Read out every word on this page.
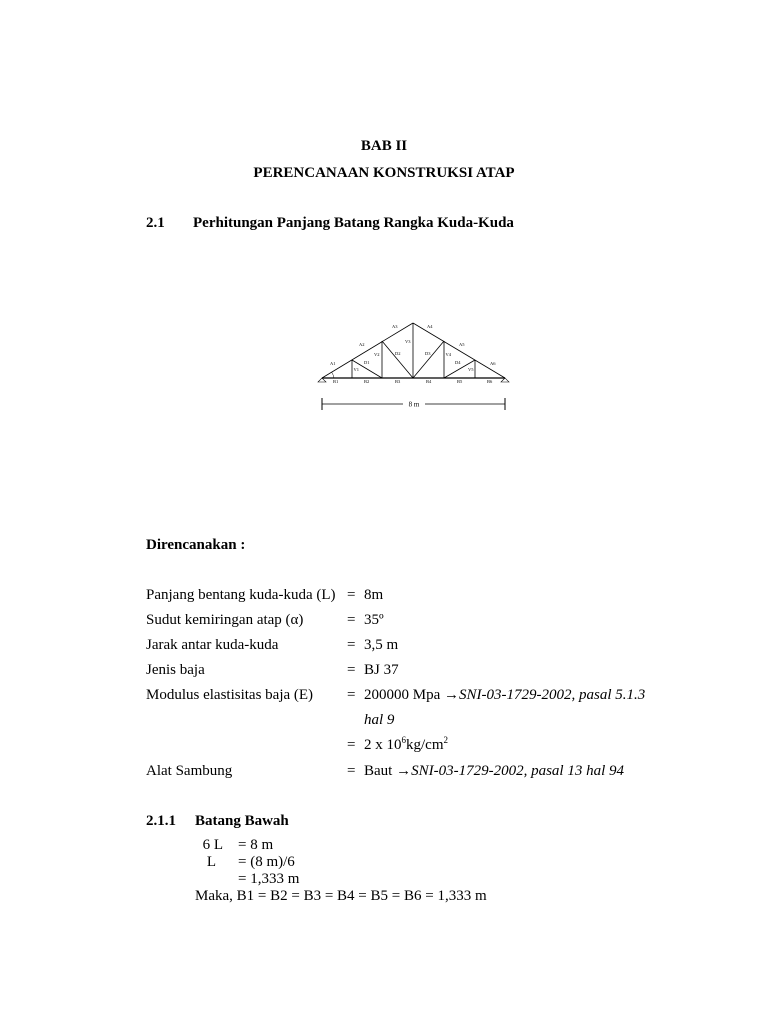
BAB II
PERENCANAAN KONSTRUKSI ATAP
2.1 Perhitungan Panjang Batang Rangka Kuda-Kuda
A1
A2
A3	A4
A5
A6
B1	B2	B3	B4	B5	B6
V1
V2
V3
V4
V5
D1
D2	D3
D4
8 m
Direncanakan :
Panjang bentang kuda-kuda (L) = 8m
Sudut kemiringan atap (α)	= 35º
Jarak antar kuda-kuda	= 3,5 m
Jenis baja	= BJ 37
Modulus elastisitas baja (E) = 200000 Mpa →SNI-03-1729-2002, pasal 5.1.3
hal 9
= 2 x $10^6kg/cm^2$
Alat Sambung	= Baut →SNI-03-1729-2002, pasal 13 hal 94
2.1.1 Batang Bawah
6 L = 8 m
L = (8 m)/6
= 1,333 m
Maka, B1 = B2 = B3 = B4 = B5 = B6 = 1,333 m
